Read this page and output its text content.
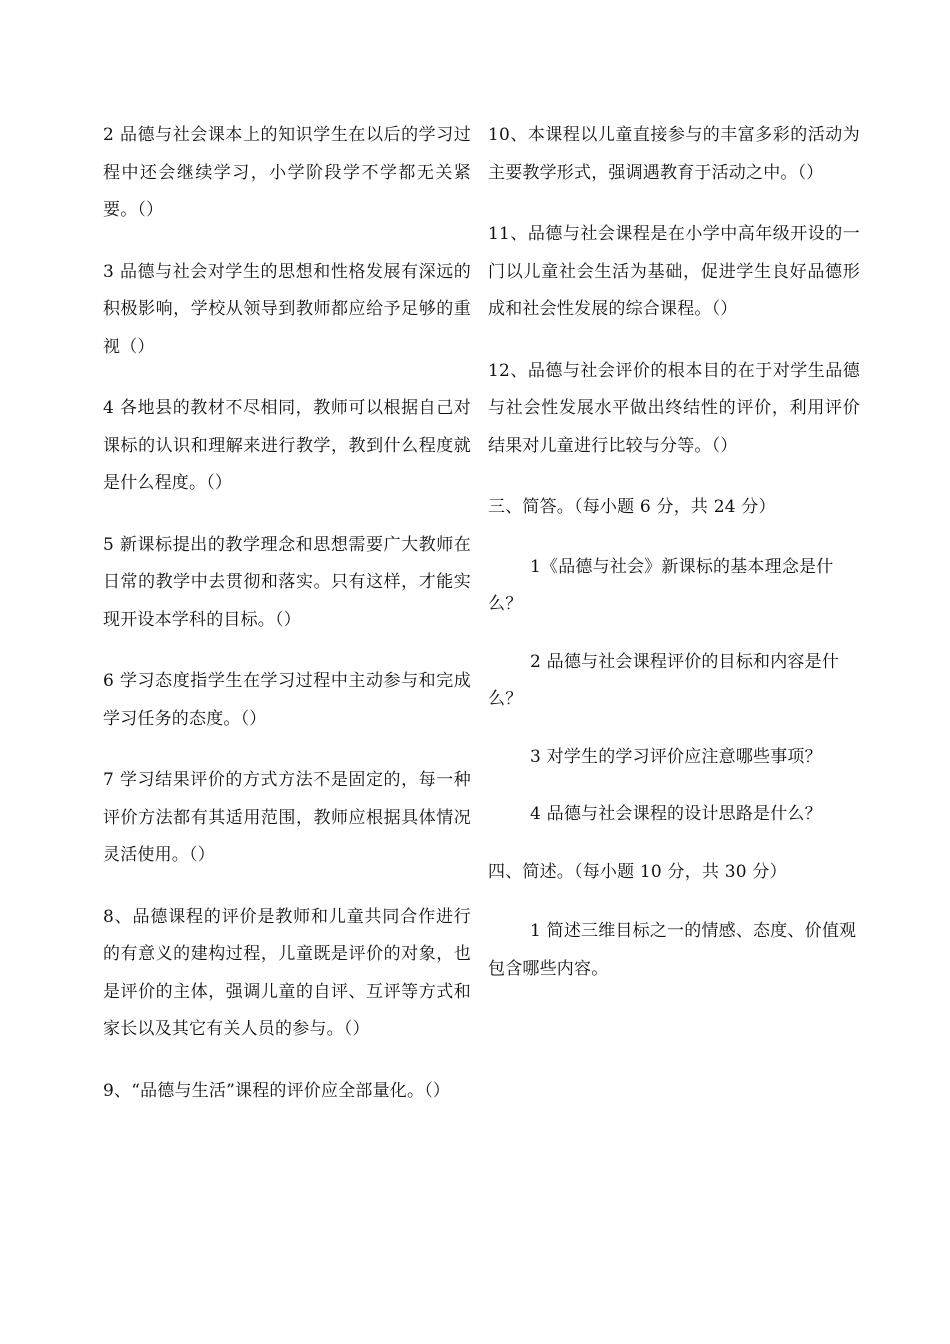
2 品德与社会课本上的知识学生在以后的学习过程中还会继续学习，小学阶段学不学都无关紧要。（）

3 品德与社会对学生的思想和性格发展有深远的积极影响，学校从领导到教师都应给予足够的重视（）

4 各地县的教材不尽相同，教师可以根据自己对课标的认识和理解来进行教学，教到什么程度就是什么程度。（）

5 新课标提出的教学理念和思想需要广大教师在日常的教学中去贯彻和落实。只有这样，才能实现开设本学科的目标。（）

6 学习态度指学生在学习过程中主动参与和完成学习任务的态度。（）

7 学习结果评价的方式方法不是固定的，每一种评价方法都有其适用范围，教师应根据具体情况灵活使用。（）

8、品德课程的评价是教师和儿童共同合作进行的有意义的建构过程，儿童既是评价的对象，也是评价的主体，强调儿童的自评、互评等方式和家长以及其它有关人员的参与。（）

9、“品德与生活”课程的评价应全部量化。（）

10、本课程以儿童直接参与的丰富多彩的活动为主要教学形式，强调遇教育于活动之中。（）

11、品德与社会课程是在小学中高年级开设的一门以儿童社会生活为基础，促进学生良好品德形成和社会性发展的综合课程。（）

12、品德与社会评价的根本目的在于对学生品德与社会性发展水平做出终结性的评价，利用评价结果对儿童进行比较与分等。（）

三、简答。（每小题 6 分，共 24 分）

1《品德与社会》新课标的基本理念是什么？

2 品德与社会课程评价的目标和内容是什么？

3 对学生的学习评价应注意哪些事项？

4 品德与社会课程的设计思路是什么？

四、简述。（每小题 10 分，共 30 分）

1 简述三维目标之一的情感、态度、价值观包含哪些内容。
